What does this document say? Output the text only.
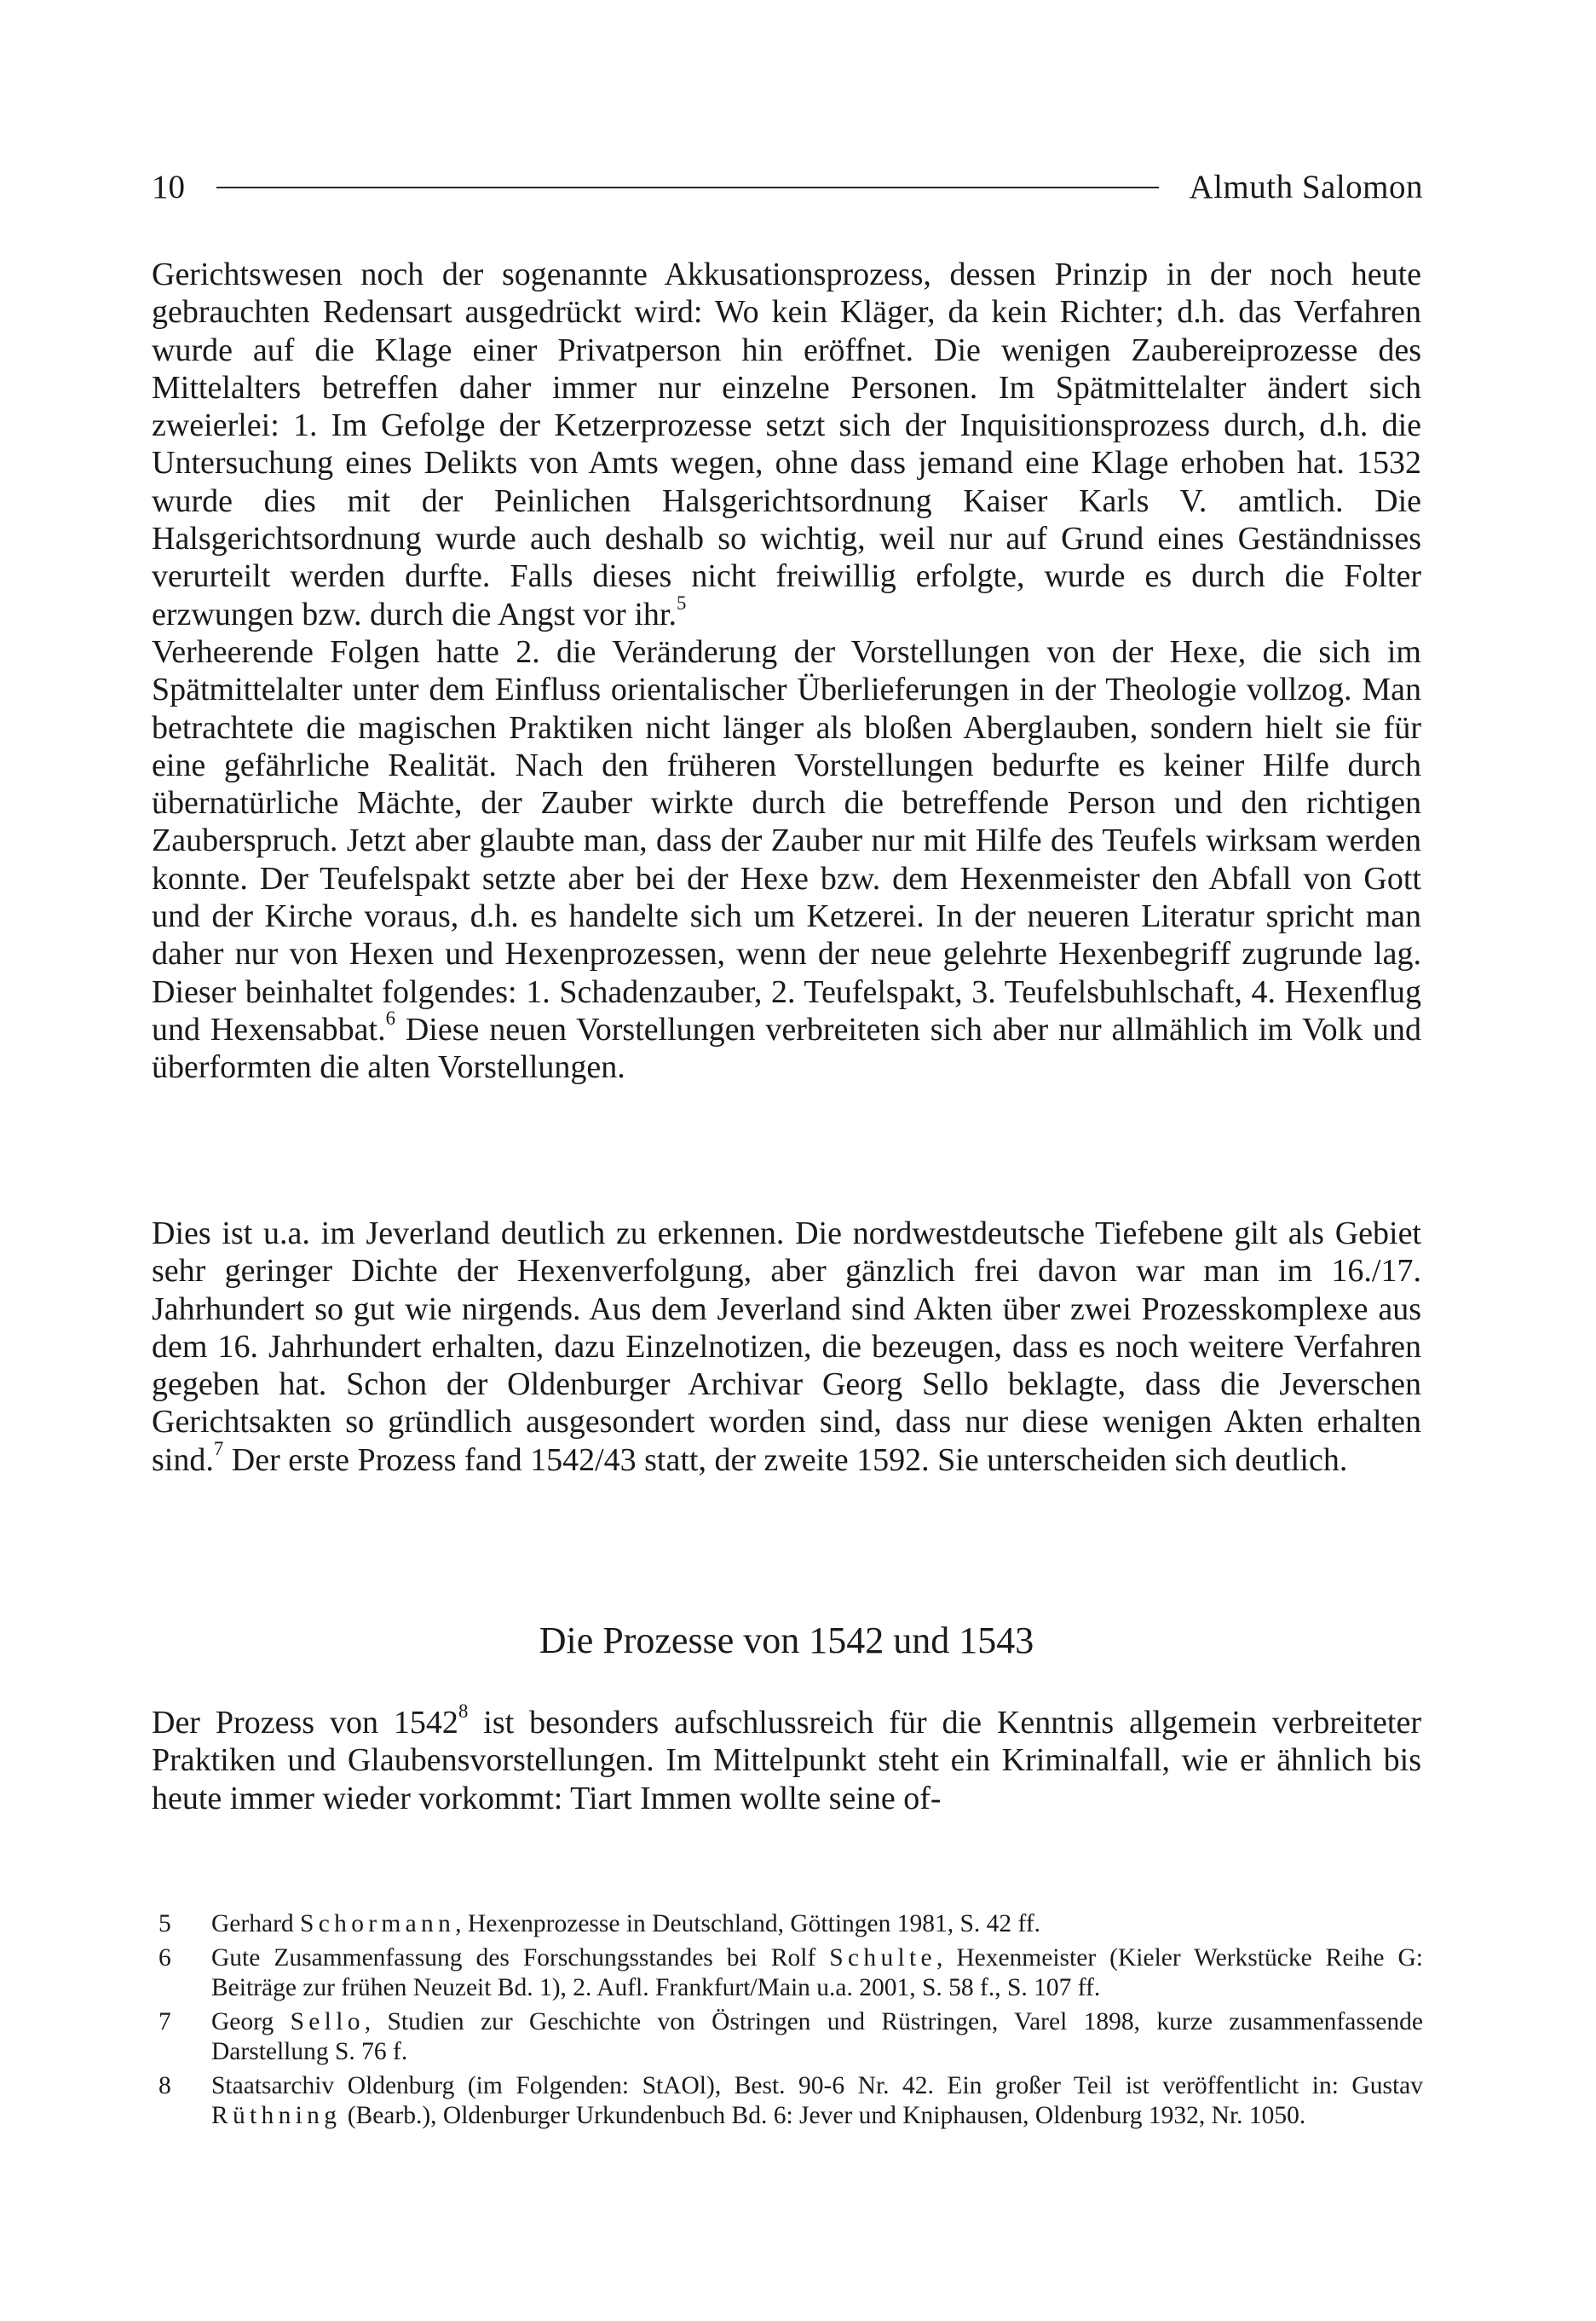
10	Almuth Salomon

Gerichtswesen noch der sogenannte Akkusationsprozess, dessen Prinzip in der noch heute gebrauchten Redensart ausgedrückt wird: Wo kein Kläger, da kein Richter; d.h. das Verfahren wurde auf die Klage einer Privatperson hin eröffnet. Die wenigen Zaubereiprozesse des Mittelalters betreffen daher immer nur einzelne Personen. Im Spätmittelalter ändert sich zweierlei: 1. Im Gefolge der Ketzerprozesse setzt sich der Inquisitionsprozess durch, d.h. die Untersuchung eines Delikts von Amts wegen, ohne dass jemand eine Klage erhoben hat. 1532 wurde dies mit der Peinlichen Halsgerichtsordnung Kaiser Karls V. amtlich. Die Halsgerichtsordnung wurde auch deshalb so wichtig, weil nur auf Grund eines Geständnisses verurteilt werden durfte. Falls dieses nicht freiwillig erfolgte, wurde es durch die Folter erzwungen bzw. durch die Angst vor ihr.$^5$
Verheerende Folgen hatte 2. die Veränderung der Vorstellungen von der Hexe, die sich im Spätmittelalter unter dem Einfluss orientalischer Überlieferungen in der Theologie vollzog. Man betrachtete die magischen Praktiken nicht länger als bloßen Aberglauben, sondern hielt sie für eine gefährliche Realität. Nach den früheren Vorstellungen bedurfte es keiner Hilfe durch übernatürliche Mächte, der Zauber wirkte durch die betreffende Person und den richtigen Zauberspruch. Jetzt aber glaubte man, dass der Zauber nur mit Hilfe des Teufels wirksam werden konnte. Der Teufelspakt setzte aber bei der Hexe bzw. dem Hexenmeister den Abfall von Gott und der Kirche voraus, d.h. es handelte sich um Ketzerei. In der neueren Literatur spricht man daher nur von Hexen und Hexenprozessen, wenn der neue gelehrte Hexenbegriff zugrunde lag. Dieser beinhaltet folgendes: 1. Schadenzauber, 2. Teufelspakt, 3. Teufelsbuhlschaft, 4. Hexenflug und Hexensabbat.$^6$ Diese neuen Vorstellungen verbreiteten sich aber nur allmählich im Volk und überformten die alten Vorstellungen.

Dies ist u.a. im Jeverland deutlich zu erkennen. Die nordwestdeutsche Tiefebene gilt als Gebiet sehr geringer Dichte der Hexenverfolgung, aber gänzlich frei davon war man im 16./17. Jahrhundert so gut wie nirgends. Aus dem Jeverland sind Akten über zwei Prozesskomplexe aus dem 16. Jahrhundert erhalten, dazu Einzelnotizen, die bezeugen, dass es noch weitere Verfahren gegeben hat. Schon der Oldenburger Archivar Georg Sello beklagte, dass die Jeverschen Gerichtsakten so gründlich ausgesondert worden sind, dass nur diese wenigen Akten erhalten sind.$^7$ Der erste Prozess fand 1542/43 statt, der zweite 1592. Sie unterscheiden sich deutlich.

Die Prozesse von 1542 und 1543

Der Prozess von 1542$^8$ ist besonders aufschlussreich für die Kenntnis allgemein verbreiteter Praktiken und Glaubensvorstellungen. Im Mittelpunkt steht ein Kriminalfall, wie er ähnlich bis heute immer wieder vorkommt: Tiart Immen wollte seine of-

5 Gerhard Schormann, Hexenprozesse in Deutschland, Göttingen 1981, S. 42 ff.
6 Gute Zusammenfassung des Forschungsstandes bei Rolf Schulte, Hexenmeister (Kieler Werkstücke Reihe G: Beiträge zur frühen Neuzeit Bd. 1), 2. Aufl. Frankfurt/Main u.a. 2001, S. 58 f., S. 107 ff.
7 Georg Sello, Studien zur Geschichte von Östringen und Rüstringen, Varel 1898, kurze zusammenfassende Darstellung S. 76 f.
8 Staatsarchiv Oldenburg (im Folgenden: StAOl), Best. 90-6 Nr. 42. Ein großer Teil ist veröffentlicht in: Gustav Rüthning (Bearb.), Oldenburger Urkundenbuch Bd. 6: Jever und Kniphausen, Oldenburg 1932, Nr. 1050.
